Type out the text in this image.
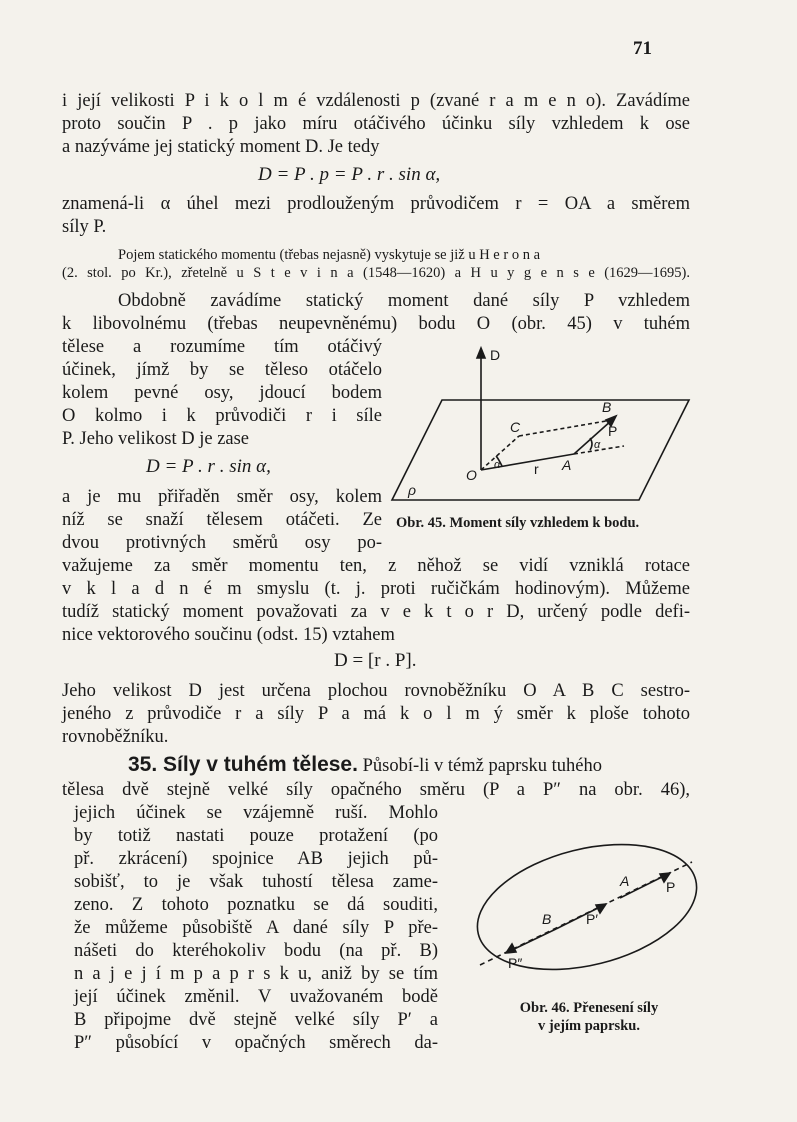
71
i její velikosti P i k o l m é vzdálenosti p (zvané r a m e n o). Zavádíme
proto součin P . p jako míru otáčivého účinku síly vzhledem k ose
a nazýváme jej statický moment D. Je tedy
D = P . p = P . r . sin α,
znamená-li α úhel mezi prodlouženým průvodičem r = OA a směrem
síly P.
Pojem statického momentu (třebas nejasně) vyskytuje se již u H e r o n a
(2. stol. po Kr.), zřetelně u S t e v i n a (1548—1620) a H u y g e n s e (1629—1695).
Obdobně zavádíme statický moment dané síly P vzhledem
k libovolnému (třebas neupevněnému) bodu O (obr. 45) v tuhém
tělese a rozumíme tím otáčivý
účinek, jímž by se těleso otáčelo
kolem pevné osy, jdoucí bodem
O kolmo i k průvodiči r i síle
P. Jeho velikost D je zase
D = P . r . sin α,
a je mu přiřaděn směr osy, kolem
níž se snaží tělesem otáčeti. Ze
dvou protivných směrů osy po-
važujeme za směr momentu ten, z něhož se vidí vzniklá rotace
v k l a d n é m smyslu (t. j. proti ručičkám hodinovým). Můžeme
tudíž statický moment považovati za v e k t o r D, určený podle defi-
nice vektorového součinu (odst. 15) vztahem
D = [r . P].
Jeho velikost D jest určena plochou rovnoběžníku O A B C sestro-
jeného z průvodiče r a síly P a má k o l m ý směr k ploše tohoto
rovnoběžníku.
D
B
C	P
O
A
r
α
α
ρ
Obr. 45. Moment síly vzhledem k bodu.
35. Síly v tuhém tělese. Působí-li v témž paprsku tuhého
tělesa dvě stejně velké síly opačného směru (P a P″ na obr. 46),
jejich účinek se vzájemně ruší. Mohlo
by totiž nastati pouze protažení (po
př. zkrácení) spojnice AB jejich pů-
sobišť, to je však tuhostí tělesa zame-
zeno. Z tohoto poznatku se dá souditi,
že můžeme působiště A dané síly P pře-
nášeti do kteréhokoliv bodu (na př. B)
n a j e j í m p a p r s k u, aniž by se tím
její účinek změnil. V uvažovaném bodě
B připojme dvě stejně velké síly P′ a
P″ působící v opačných směrech da-
A	P
B P′
P″
Obr. 46. Přenesení síly
v jejím paprsku.
